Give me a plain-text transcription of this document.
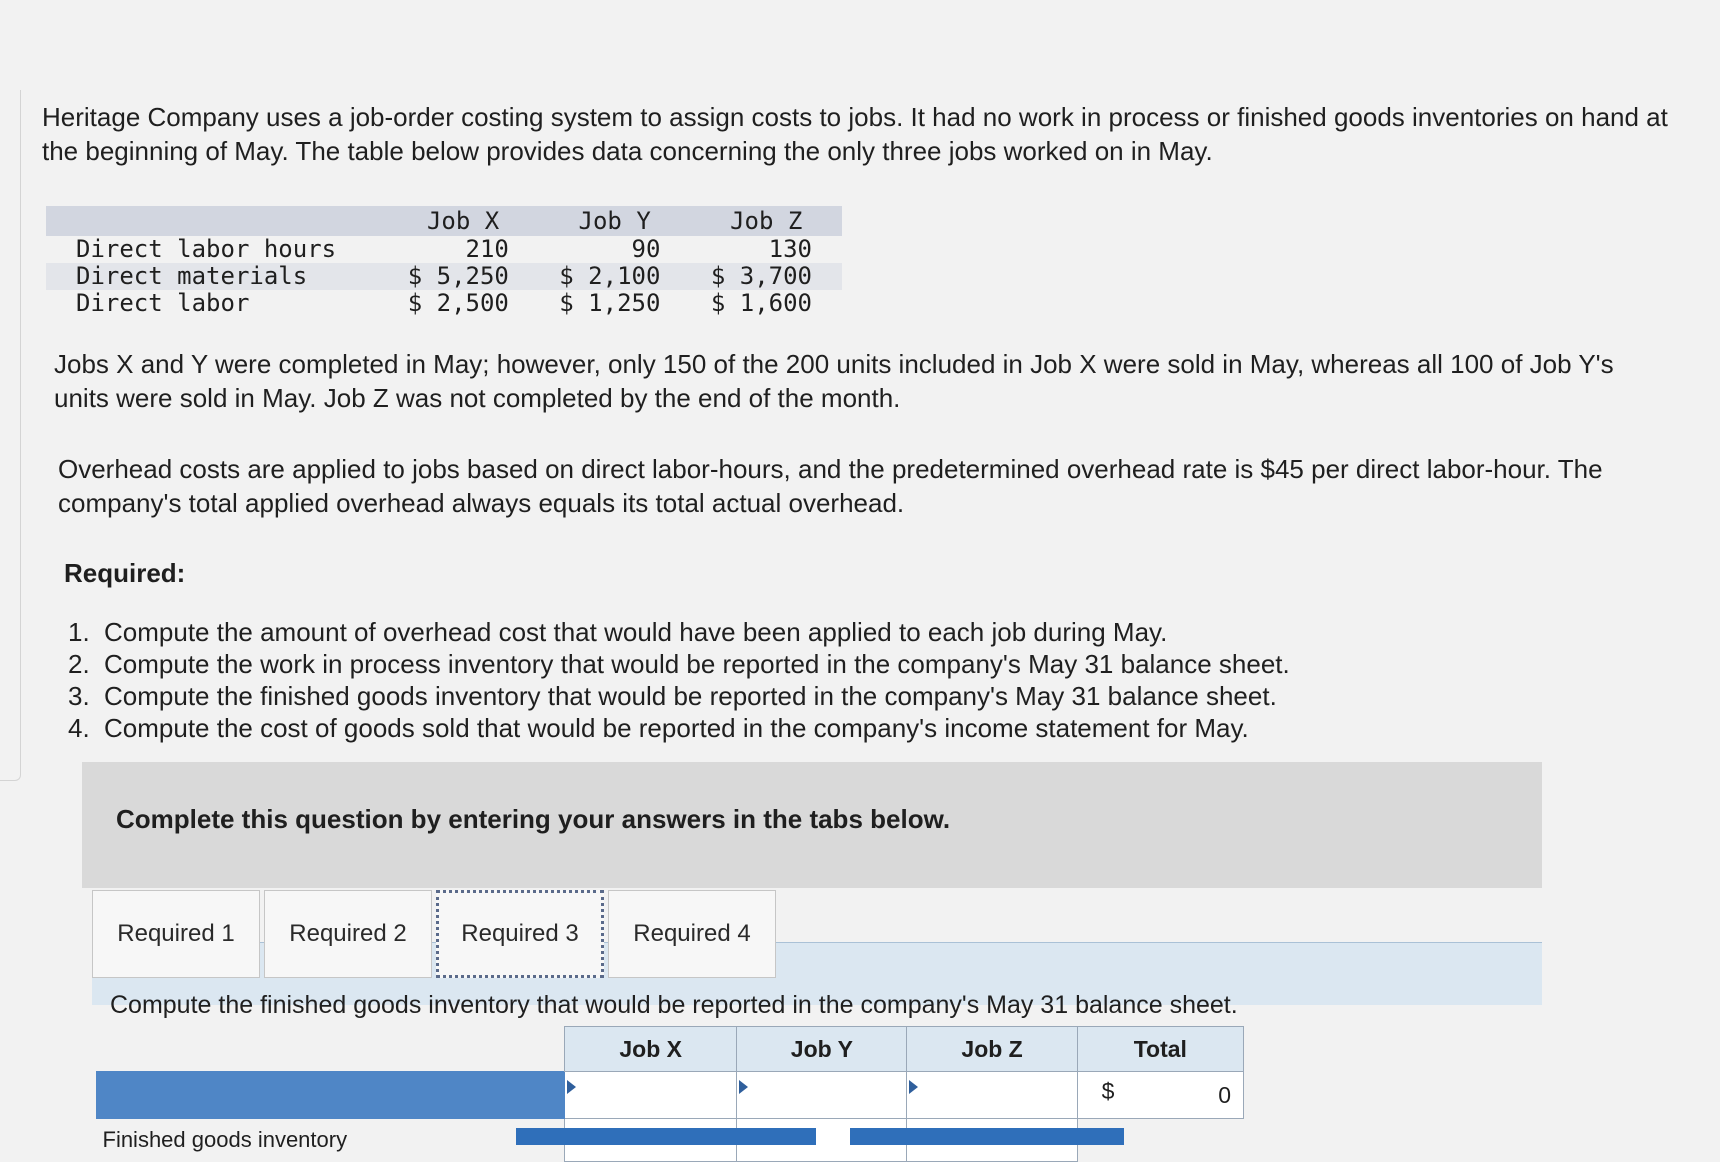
Heritage Company uses a job-order costing system to assign costs to jobs. It had no work in process or finished goods inventories on hand at the beginning of May. The table below provides data concerning the only three jobs worked on in May.

	Job X	Job Y	Job Z
Direct labor hours	210	90	130
Direct materials	$ 5,250	$ 2,100	$ 3,700
Direct labor	$ 2,500	$ 1,250	$ 1,600

Jobs X and Y were completed in May; however, only 150 of the 200 units included in Job X were sold in May, whereas all 100 of Job Y's units were sold in May. Job Z was not completed by the end of the month.

Overhead costs are applied to jobs based on direct labor-hours, and the predetermined overhead rate is $45 per direct labor-hour. The company's total applied overhead always equals its total actual overhead.

Required:

1. Compute the amount of overhead cost that would have been applied to each job during May.
2. Compute the work in process inventory that would be reported in the company's May 31 balance sheet.
3. Compute the finished goods inventory that would be reported in the company's May 31 balance sheet.
4. Compute the cost of goods sold that would be reported in the company's income statement for May.

Complete this question by entering your answers in the tabs below.

Compute the finished goods inventory that would be reported in the company's May 31 balance sheet.

Required 1	Required 2	Required 3	Required 4
	Job X	Job Y	Job Z	Total

				$ 0
Finished goods inventory				
